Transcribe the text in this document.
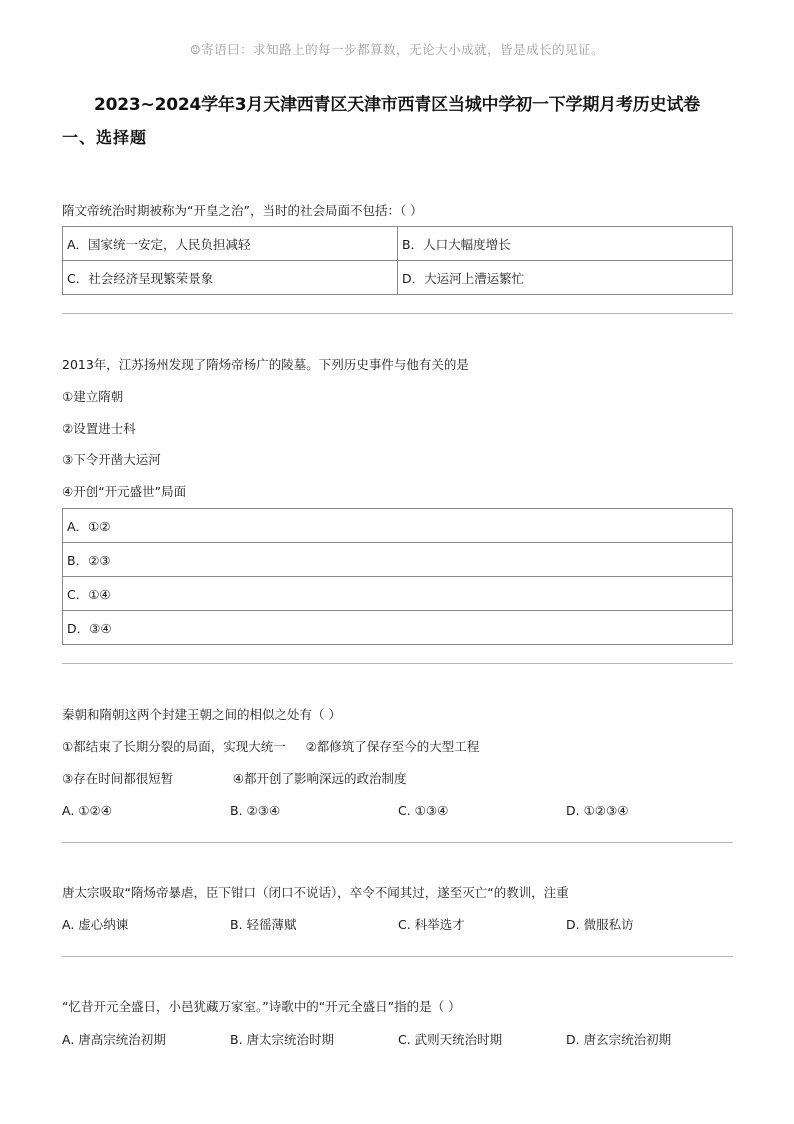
☺寄语曰：求知路上的每一步都算数，无论大小成就，皆是成长的见证。
2023~2024学年3月天津西青区天津市西青区当城中学初一下学期月考历史试卷
一、选择题
隋文帝统治时期被称为“开皇之治”，当时的社会局面不包括：（ ）
A．国家统一安定，人民负担减轻	B．人口大幅度增长
C．社会经济呈现繁荣景象	D．大运河上漕运繁忙
2013年，江苏扬州发现了隋炀帝杨广的陵墓。下列历史事件与他有关的是
①建立隋朝
②设置进士科
③下令开凿大运河
④开创“开元盛世”局面
A．①②
B．②③
C．①④
D．③④
秦朝和隋朝这两个封建王朝之间的相似之处有（ ）
①都结束了长期分裂的局面，实现大统一     ②都修筑了保存至今的大型工程
③存在时间都很短暂               ④都开创了影响深远的政治制度
A. ①②④	B. ②③④	C. ①③④	D. ①②③④
唐太宗吸取“隋炀帝暴虐，臣下钳口（闭口不说话），卒令不闻其过，遂至灭亡“的教训，注重
A. 虚心纳谏	B. 轻徭薄赋	C. 科举选才	D. 微服私访
“忆昔开元全盛日，小邑犹藏万家室。”诗歌中的“开元全盛日”指的是（ ）
A. 唐高宗统治初期	B. 唐太宗统治时期	C. 武则天统治时期	D. 唐玄宗统治初期
